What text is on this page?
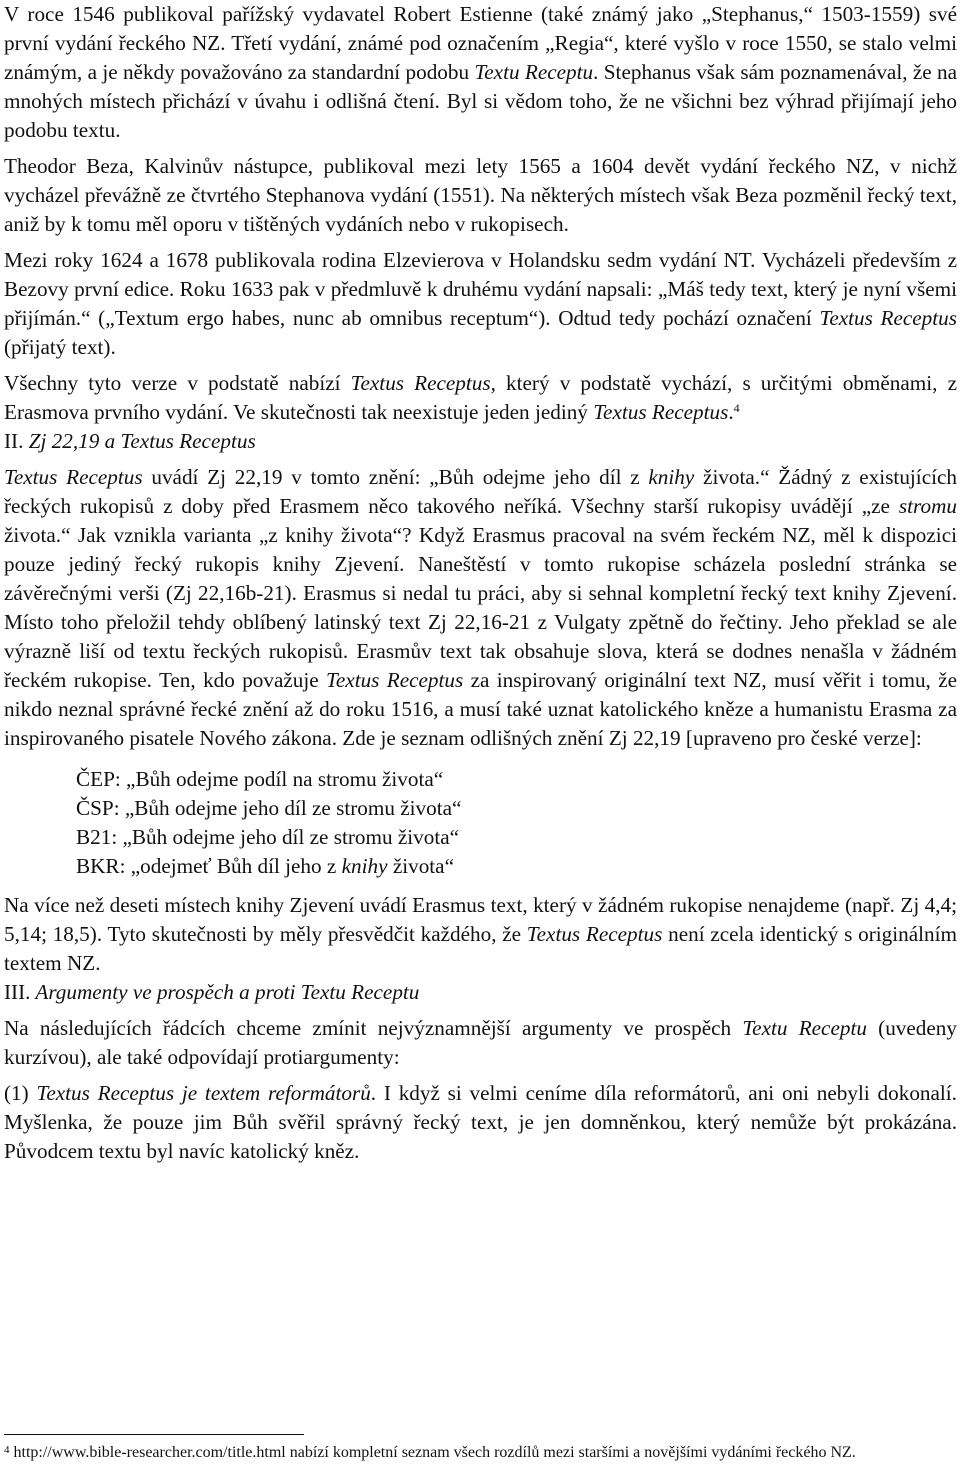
V roce 1546 publikoval pařížský vydavatel Robert Estienne (také známý jako „Stephanus,“ 1503-1559) své první vydání řeckého NZ. Třetí vydání, známé pod označením „Regia“, které vyšlo v roce 1550, se stalo velmi známým, a je někdy považováno za standardní podobu Textu Receptu. Stephanus však sám poznamenával, že na mnohých místech přichází v úvahu i odlišná čtení. Byl si vědom toho, že ne všichni bez výhrad přijímají jeho podobu textu.

Theodor Beza, Kalvinův nástupce, publikoval mezi lety 1565 a 1604 devět vydání řeckého NZ, v nichž vycházel převážně ze čtvrtého Stephanova vydání (1551). Na některých místech však Beza pozměnil řecký text, aniž by k tomu měl oporu v tištěných vydáních nebo v rukopisech.

Mezi roky 1624 a 1678 publikovala rodina Elzevierova v Holandsku sedm vydání NT. Vycházeli především z Bezovy první edice. Roku 1633 pak v předmluvě k druhému vydání napsali: „Máš tedy text, který je nyní všemi přijímán.“ („Textum ergo habes, nunc ab omnibus receptum“). Odtud tedy pochází označení Textus Receptus (přijatý text).

Všechny tyto verze v podstatě nabízí Textus Receptus, který v podstatě vychází, s určitými obměnami, z Erasmova prvního vydání. Ve skutečnosti tak neexistuje jeden jediný Textus Receptus.$^4$

II. Zj 22,19 a Textus Receptus

Textus Receptus uvádí Zj 22,19 v tomto znění: „Bůh odejme jeho díl z knihy života.“ Žádný z existujících řeckých rukopisů z doby před Erasmem něco takového neříká. Všechny starší rukopisy uvádějí „ze stromu života.“ Jak vznikla varianta „z knihy života“? Když Erasmus pracoval na svém řeckém NZ, měl k dispozici pouze jediný řecký rukopis knihy Zjevení. Naneštěstí v tomto rukopise scházela poslední stránka se závěrečnými verši (Zj 22,16b-21). Erasmus si nedal tu práci, aby si sehnal kompletní řecký text knihy Zjevení. Místo toho přeložil tehdy oblíbený latinský text Zj 22,16-21 z Vulgaty zpětně do řečtiny. Jeho překlad se ale výrazně liší od textu řeckých rukopisů. Erasmův text tak obsahuje slova, která se dodnes nenašla v žádném řeckém rukopise. Ten, kdo považuje Textus Receptus za inspirovaný originální text NZ, musí věřit i tomu, že nikdo neznal správné řecké znění až do roku 1516, a musí také uznat katolického kněze a humanistu Erasma za inspirovaného pisatele Nového zákona. Zde je seznam odlišných znění Zj 22,19 [upraveno pro české verze]:

ČEP: „Bůh odejme podíl na stromu života“
ČSP: „Bůh odejme jeho díl ze stromu života“
B21: „Bůh odejme jeho díl ze stromu života“
BKR: „odejmeť Bůh díl jeho z knihy života“

Na více než deseti místech knihy Zjevení uvádí Erasmus text, který v žádném rukopise nenajdeme (např. Zj 4,4; 5,14; 18,5). Tyto skutečnosti by měly přesvědčit každého, že Textus Receptus není zcela identický s originálním textem NZ.

III. Argumenty ve prospěch a proti Textu Receptu

Na následujících řádcích chceme zmínit nejvýznamnější argumenty ve prospěch Textu Receptu (uvedeny kurzívou), ale také odpovídají protiargumenty:

(1) Textus Receptus je textem reformátorů. I když si velmi ceníme díla reformátorů, ani oni nebyli dokonalí. Myšlenka, že pouze jim Bůh svěřil správný řecký text, je jen domněnkou, který nemůže být prokázána. Původcem textu byl navíc katolický kněz.

$^4$ http://www.bible-researcher.com/title.html nabízí kompletní seznam všech rozdílů mezi staršími a novějšími vydáními řeckého NZ.
